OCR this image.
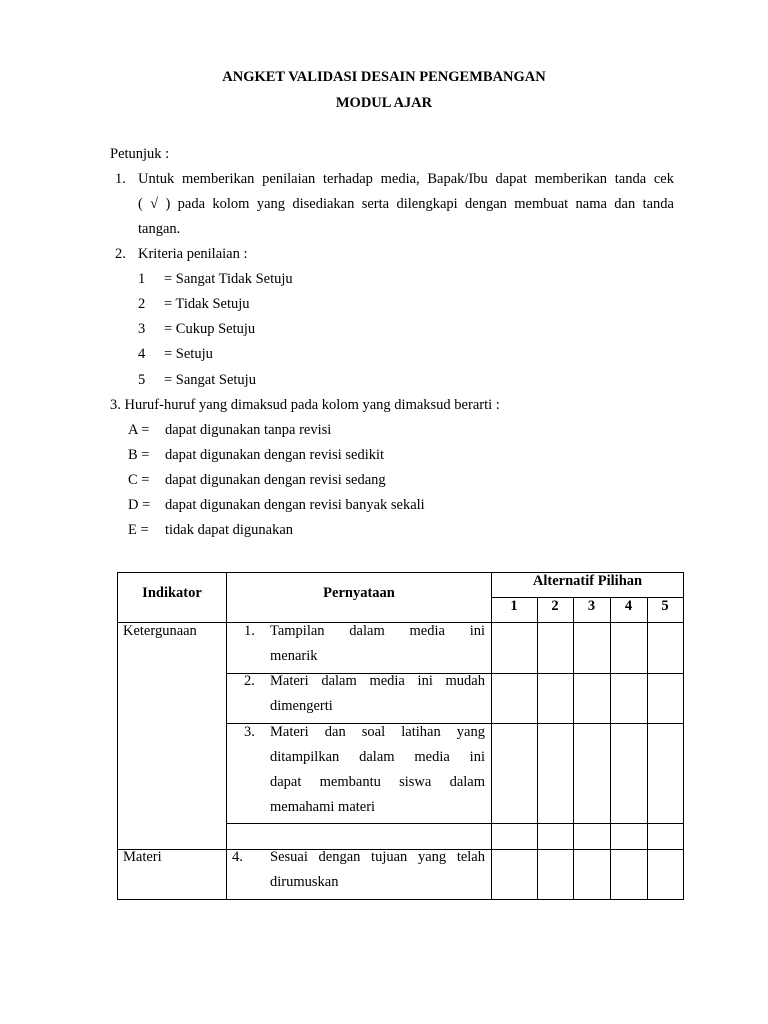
ANGKET VALIDASI DESAIN PENGEMBANGAN
MODUL AJAR
Petunjuk :
1. Untuk memberikan penilaian terhadap media, Bapak/Ibu dapat memberikan tanda cek
( √ ) pada kolom yang disediakan serta dilengkapi dengan membuat nama dan tanda
tangan.
2. Kriteria penilaian :
1 = Sangat Tidak Setuju
2 = Tidak Setuju
3 = Cukup Setuju
4 = Setuju
5 = Sangat Setuju
3. Huruf-huruf yang dimaksud pada kolom yang dimaksud berarti :
A = dapat digunakan tanpa revisi
B = dapat digunakan dengan revisi sedikit
C = dapat digunakan dengan revisi sedang
D = dapat digunakan dengan revisi banyak sekali
E = tidak dapat digunakan
Indikator	Pernyataan
Alternatif Pilihan
1	2	3	4	5
Ketergunaan	1. Tampilan dalam media ini
menarik
2. Materi dalam media ini mudah
dimengerti
3. Materi dan soal latihan yang
ditampilkan dalam media ini
dapat membantu siswa dalam
memahami materi
Materi	4. Sesuai dengan tujuan yang telah
dirumuskan
